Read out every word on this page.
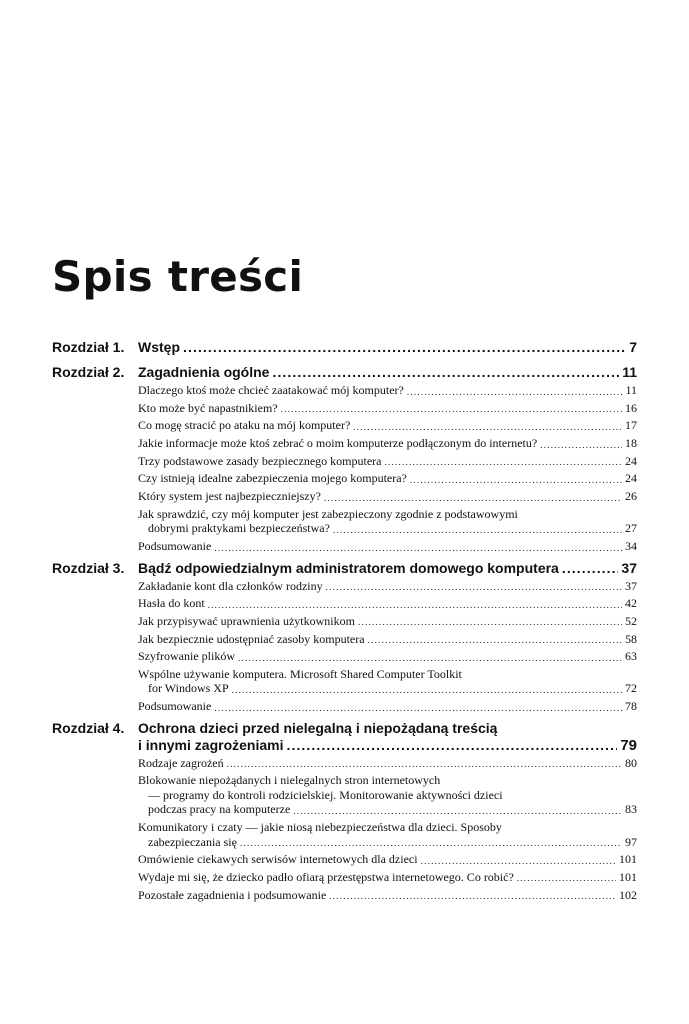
Spis treści
Rozdział 1. Wstęp . . .	7
Rozdział 2. Zagadnienia ogólne . . .	11
Dlaczego ktoś może chcieć zaatakować mój komputer? . . .	11
Kto może być napastnikiem? . . .	16
Co mogę stracić po ataku na mój komputer? . . .	17
Jakie informacje może ktoś zebrać o moim komputerze podłączonym do internetu? . . .	18
Trzy podstawowe zasady bezpiecznego komputera . . .	24
Czy istnieją idealne zabezpieczenia mojego komputera? . . .	24
Który system jest najbezpieczniejszy? . . .	26
Jak sprawdzić, czy mój komputer jest zabezpieczony zgodnie z podstawowymi
dobrymi praktykami bezpieczeństwa? . . .	27
Podsumowanie . . .	34
Rozdział 3. Bądź odpowiedzialnym administratorem domowego komputera . . .	37
Zakładanie kont dla członków rodziny . . .	37
Hasła do kont . . .	42
Jak przypisywać uprawnienia użytkownikom . . .	52
Jak bezpiecznie udostępniać zasoby komputera . . .	58
Szyfrowanie plików . . .	63
Wspólne używanie komputera. Microsoft Shared Computer Toolkit
for Windows XP . . .	72
Podsumowanie . . .	78
Rozdział 4. Ochrona dzieci przed nielegalną i niepożądaną treścią
i innymi zagrożeniami . . .	79
Rodzaje zagrożeń . . .	80
Blokowanie niepożądanych i nielegalnych stron internetowych
— programy do kontroli rodzicielskiej. Monitorowanie aktywności dzieci
podczas pracy na komputerze . . .	83
Komunikatory i czaty — jakie niosą niebezpieczeństwa dla dzieci. Sposoby
zabezpieczania się . . .	97
Omówienie ciekawych serwisów internetowych dla dzieci . . .	101
Wydaje mi się, że dziecko padło ofiarą przestępstwa internetowego. Co robić? . . .	101
Pozostałe zagadnienia i podsumowanie . . .	102
